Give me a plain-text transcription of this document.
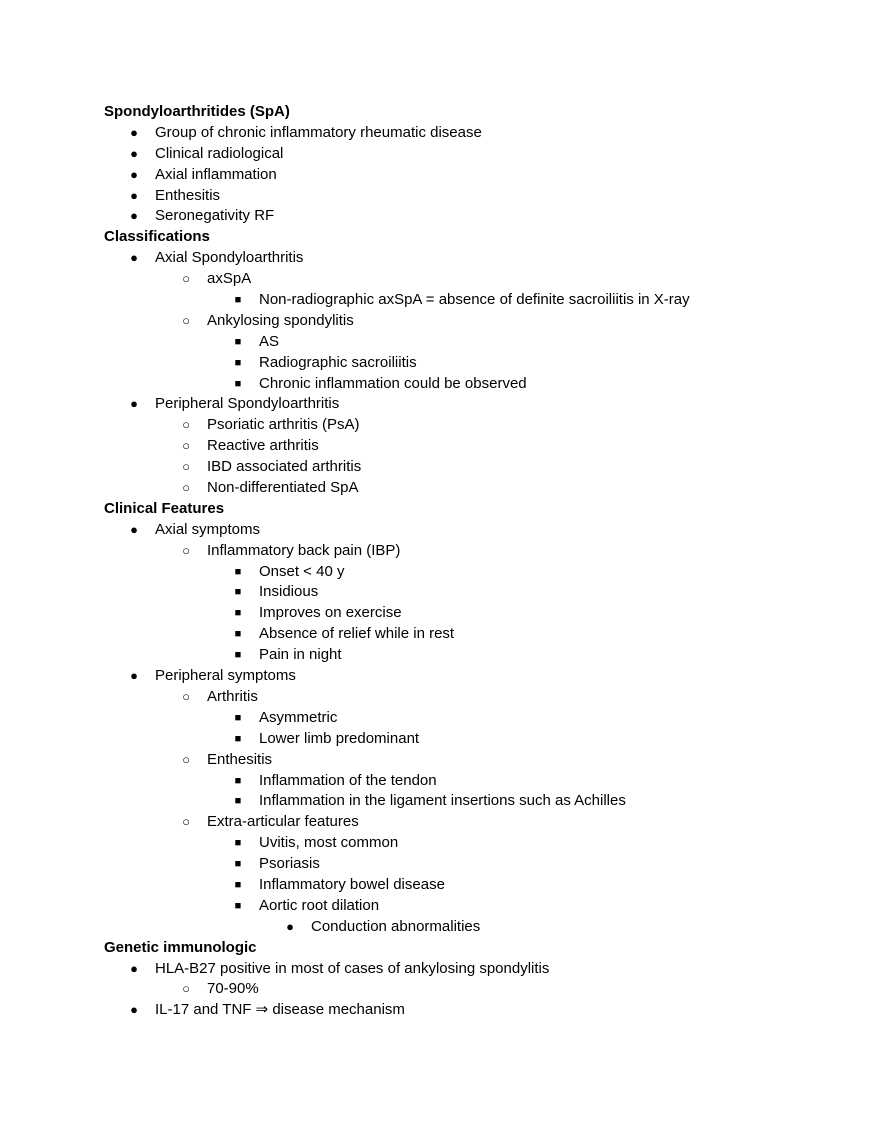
Spondyloarthritides (SpA)
●	Group of chronic inflammatory rheumatic disease
●	Clinical radiological
●	Axial inflammation
●	Enthesitis
●	Seronegativity RF
Classifications
●	Axial Spondyloarthritis
○	axSpA
■	Non-radiographic axSpA = absence of definite sacroiliitis in X-ray
○	Ankylosing spondylitis
■	AS
■	Radiographic sacroiliitis
■	Chronic inflammation could be observed
●	Peripheral Spondyloarthritis
○	Psoriatic arthritis (PsA)
○	Reactive arthritis
○	IBD associated arthritis
○	Non-differentiated SpA
Clinical Features
●	Axial symptoms
○	Inflammatory back pain (IBP)
■	Onset < 40 y
■	Insidious
■	Improves on exercise
■	Absence of relief while in rest
■	Pain in night
●	Peripheral symptoms
○	Arthritis
■	Asymmetric
■	Lower limb predominant
○	Enthesitis
■	Inflammation of the tendon
■	Inflammation in the ligament insertions such as Achilles
○	Extra-articular features
■	Uvitis, most common
■	Psoriasis
■	Inflammatory bowel disease
■	Aortic root dilation
●	Conduction abnormalities
Genetic immunologic
●	HLA-B27 positive in most of cases of ankylosing spondylitis
○	70-90%
●	IL-17 and TNF ⇒ disease mechanism
